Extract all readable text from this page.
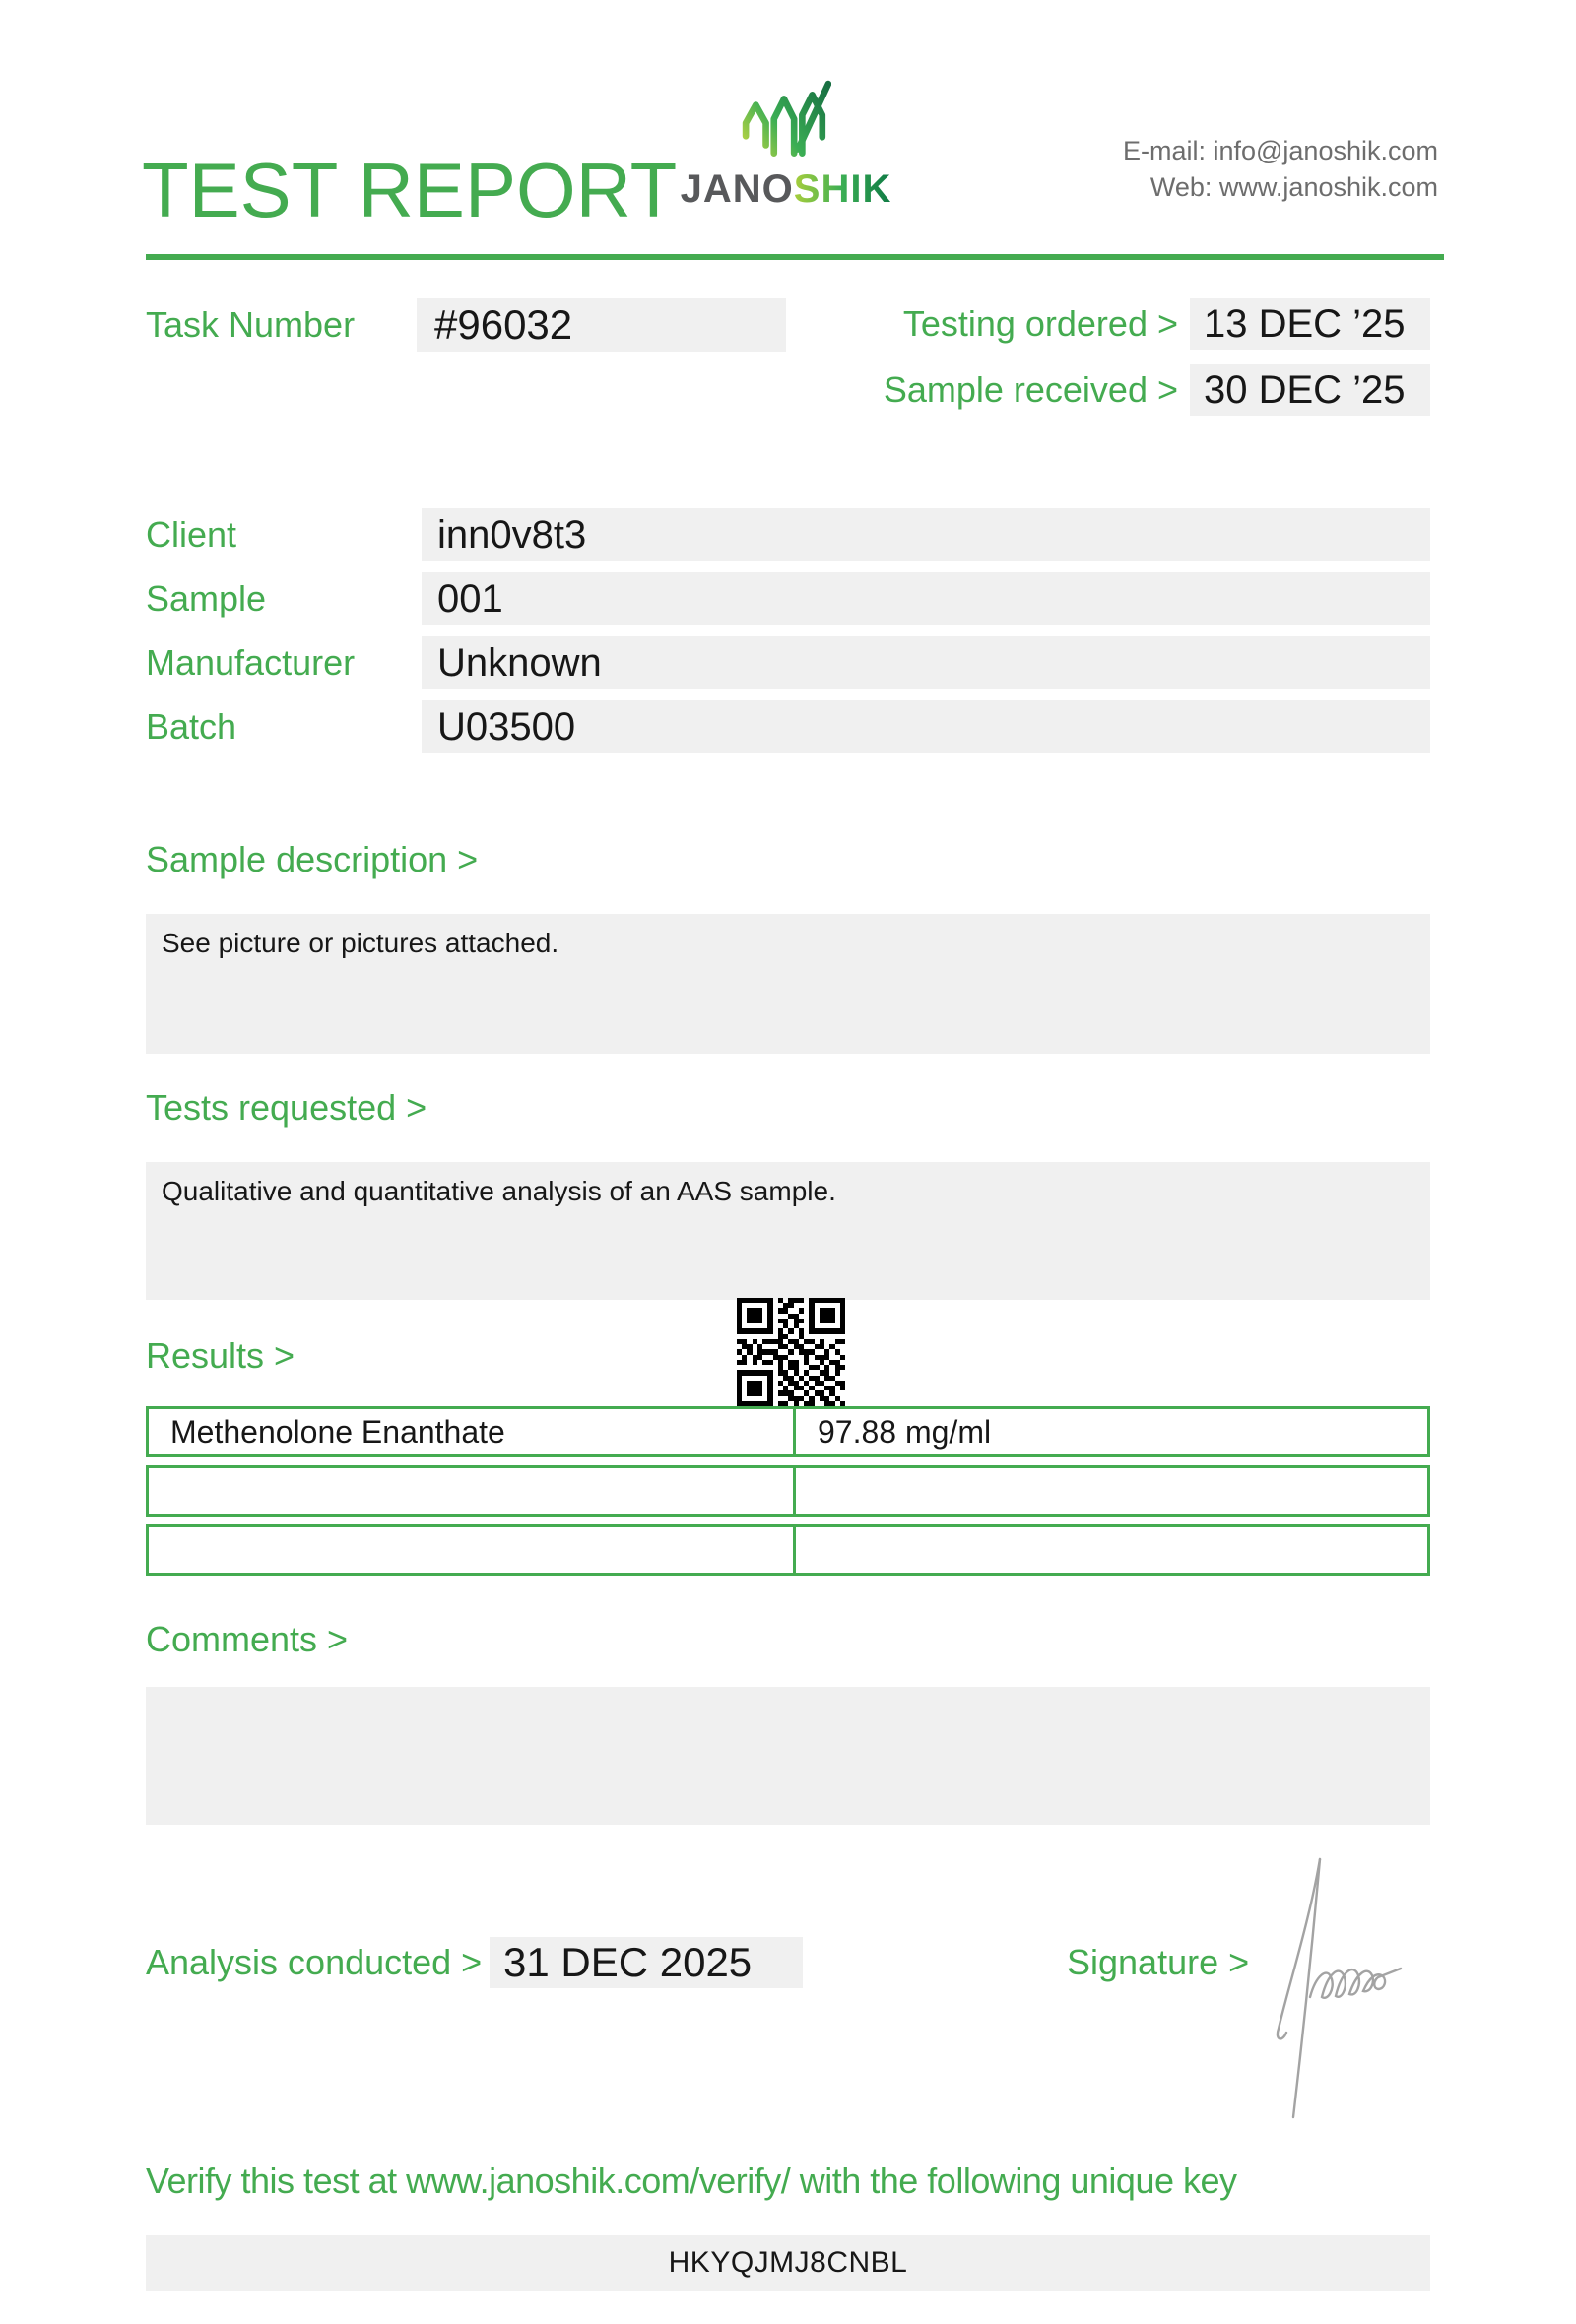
TEST REPORT JANOSHIK
E-mail: info@janoshik.com
Web: www.janoshik.com
Task Number	#96032	Testing ordered > 13 DEC ’25
Sample received > 30 DEC ’25
Client	inn0v8t3
Sample	001
Manufacturer	Unknown
Batch	U03500
Sample description >
See picture or pictures attached.
Tests requested >
Qualitative and quantitative analysis of an AAS sample.
Results >
Methenolone Enanthate	97.88 mg/ml
Comments >
Analysis conducted > 31 DEC 2025	Signature >
Verify this test at www.janoshik.com/verify/ with the following unique key
HKYQJMJ8CNBL
